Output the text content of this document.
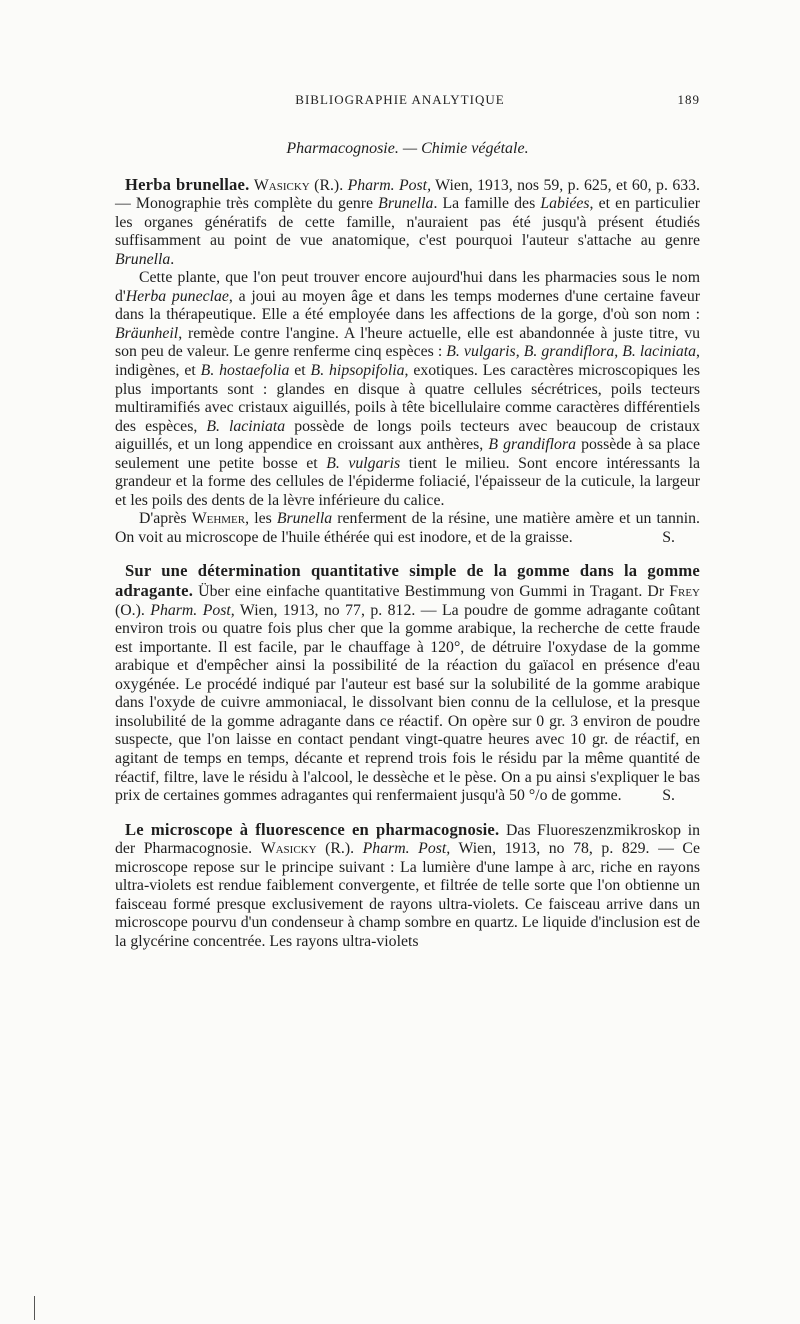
BIBLIOGRAPHIE ANALYTIQUE	189

Pharmacognosie. — Chimie végétale.

Herba brunellae. Wasicky (R.). Pharm. Post, Wien, 1913, nos 59, p. 625, et 60, p. 633. — Monographie très complète du genre Brunella. La famille des Labiées, et en particulier les organes génératifs de cette famille, n'auraient pas été jusqu'à présent étudiés suffisamment au point de vue anatomique, c'est pourquoi l'auteur s'attache au genre Brunella.

Cette plante, que l'on peut trouver encore aujourd'hui dans les pharmacies sous le nom d'Herba puneclae, a joui au moyen âge et dans les temps modernes d'une certaine faveur dans la thérapeutique. Elle a été employée dans les affections de la gorge, d'où son nom : Bräunheil, remède contre l'angine. A l'heure actuelle, elle est abandonnée à juste titre, vu son peu de valeur. Le genre renferme cinq espèces : B. vulgaris, B. grandiflora, B. laciniata, indigènes, et B. hostaefolia et B. hipsopifolia, exotiques. Les caractères microscopiques les plus importants sont : glandes en disque à quatre cellules sécrétrices, poils tecteurs multiramifiés avec cristaux aiguillés, poils à tête bicellulaire comme caractères différentiels des espèces, B. laciniata possède de longs poils tecteurs avec beaucoup de cristaux aiguillés, et un long appendice en croissant aux anthères, B grandiflora possède à sa place seulement une petite bosse et B. vulgaris tient le milieu. Sont encore intéressants la grandeur et la forme des cellules de l'épiderme foliacié, l'épaisseur de la cuticule, la largeur et les poils des dents de la lèvre inférieure du calice.

D'après Wehmer, les Brunella renferment de la résine, une matière amère et un tannin. On voit au microscope de l'huile éthérée qui est inodore, et de la graisse.	S.

Sur une détermination quantitative simple de la gomme dans la gomme adragante. Über eine einfache quantitative Bestimmung von Gummi in Tragant. Dr Frey (O.). Pharm. Post, Wien, 1913, no 77, p. 812. — La poudre de gomme adragante coûtant environ trois ou quatre fois plus cher que la gomme arabique, la recherche de cette fraude est importante. Il est facile, par le chauffage à 120°, de détruire l'oxydase de la gomme arabique et d'empêcher ainsi la possibilité de la réaction du gaïacol en présence d'eau oxygénée. Le procédé indiqué par l'auteur est basé sur la solubilité de la gomme arabique dans l'oxyde de cuivre ammoniacal, le dissolvant bien connu de la cellulose, et la presque insolubilité de la gomme adragante dans ce réactif. On opère sur 0 gr. 3 environ de poudre suspecte, que l'on laisse en contact pendant vingt-quatre heures avec 10 gr. de réactif, en agitant de temps en temps, décante et reprend trois fois le résidu par la même quantité de réactif, filtre, lave le résidu à l'alcool, le dessèche et le pèse. On a pu ainsi s'expliquer le bas prix de certaines gommes adragantes qui renfermaient jusqu'à 50 °/o de gomme.	S.

Le microscope à fluorescence en pharmacognosie. Das Fluoreszenzmikroskop in der Pharmacognosie. Wasicky (R.). Pharm. Post, Wien, 1913, no 78, p. 829. — Ce microscope repose sur le principe suivant : La lumière d'une lampe à arc, riche en rayons ultra-violets est rendue faiblement convergente, et filtrée de telle sorte que l'on obtienne un faisceau formé presque exclusivement de rayons ultra-violets. Ce faisceau arrive dans un microscope pourvu d'un condenseur à champ sombre en quartz. Le liquide d'inclusion est de la glycérine concentrée. Les rayons ultra-violets
